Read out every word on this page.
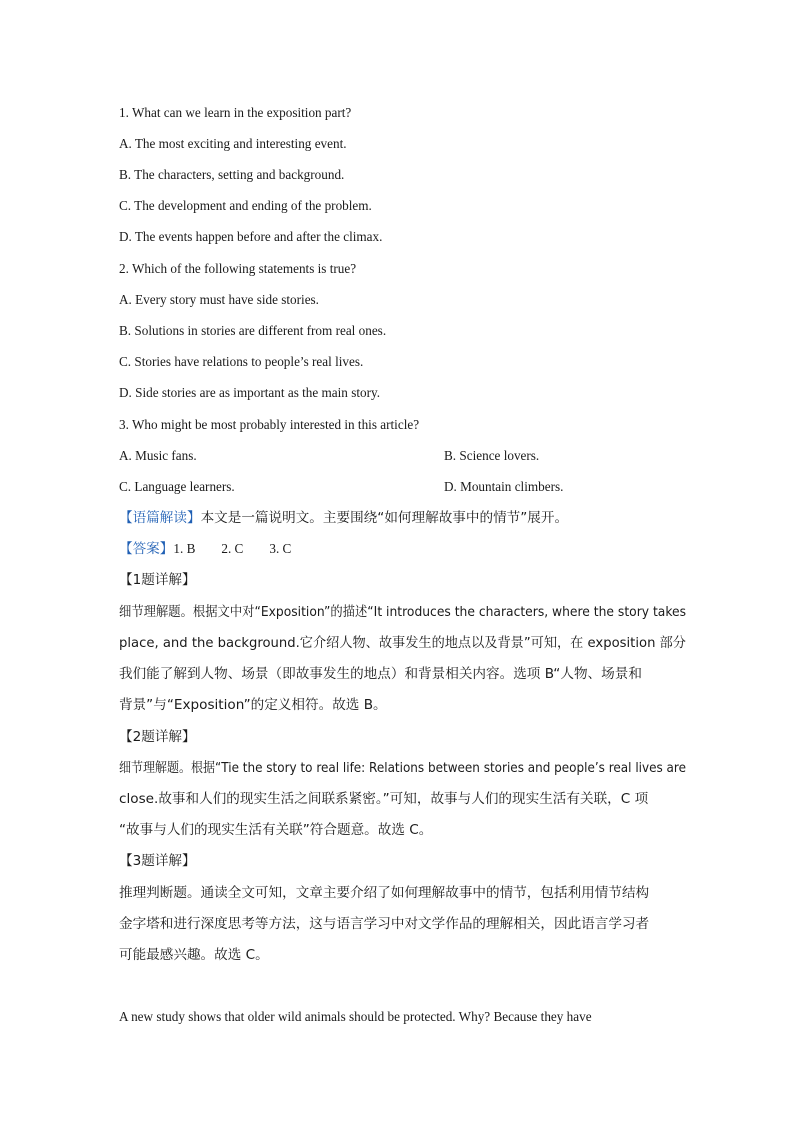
1. What can we learn in the exposition part?
A. The most exciting and interesting event.
B. The characters, setting and background.
C. The development and ending of the problem.
D. The events happen before and after the climax.
2. Which of the following statements is true?
A. Every story must have side stories.
B. Solutions in stories are different from real ones.
C. Stories have relations to people’s real lives.
D. Side stories are as important as the main story.
3. Who might be most probably interested in this article?
A. Music fans.	B. Science lovers.
C. Language learners.	D. Mountain climbers.
【语篇解读】本文是一篇说明文。主要围绕“如何理解故事中的情节”展开。
【答案】1. B 2. C 3. C
【1题详解】
细节理解题。根据文中对“Exposition”的描述“It introduces the characters, where the story takes
place, and the background.它介绍人物、故事发生的地点以及背景”可知，在 exposition 部分
我们能了解到人物、场景（即故事发生的地点）和背景相关内容。选项 B“人物、场景和
背景”与“Exposition”的定义相符。故选 B。
【2题详解】
细节理解题。根据“Tie the story to real life: Relations between stories and people’s real lives are
close.故事和人们的现实生活之间联系紧密。”可知，故事与人们的现实生活有关联，C 项
“故事与人们的现实生活有关联”符合题意。故选 C。
【3题详解】
推理判断题。通读全文可知，文章主要介绍了如何理解故事中的情节，包括利用情节结构
金字塔和进行深度思考等方法，这与语言学习中对文学作品的理解相关，因此语言学习者
可能最感兴趣。故选 C。
A new study shows that older wild animals should be protected. Why? Because they have
